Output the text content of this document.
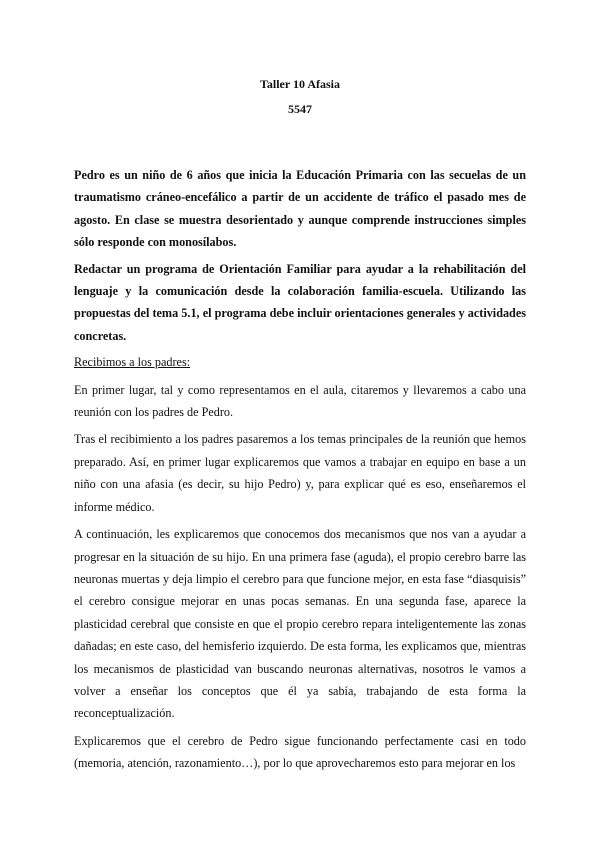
Taller 10 Afasia

5547

Pedro es un niño de 6 años que inicia la Educación Primaria con las secuelas de un traumatismo cráneo-encefálico a partir de un accidente de tráfico el pasado mes de agosto. En clase se muestra desorientado y aunque comprende instrucciones simples sólo responde con monosílabos.

Redactar un programa de Orientación Familiar para ayudar a la rehabilitación del lenguaje y la comunicación desde la colaboración familia-escuela. Utilizando las propuestas del tema 5.1, el programa debe incluir orientaciones generales y actividades concretas.

Recibimos a los padres:

En primer lugar, tal y como representamos en el aula, citaremos y llevaremos a cabo una reunión con los padres de Pedro.

Tras el recibimiento a los padres pasaremos a los temas principales de la reunión que hemos preparado. Así, en primer lugar explicaremos que vamos a trabajar en equipo en base a un niño con una afasia (es decir, su hijo Pedro) y, para explicar qué es eso, enseñaremos el informe médico.

A continuación, les explicaremos que conocemos dos mecanismos que nos van a ayudar a progresar en la situación de su hijo. En una primera fase (aguda), el propio cerebro barre las neuronas muertas y deja limpio el cerebro para que funcione mejor, en esta fase “diasquisis” el cerebro consigue mejorar en unas pocas semanas. En una segunda fase, aparece la plasticidad cerebral que consiste en que el propio cerebro repara inteligentemente las zonas dañadas; en este caso, del hemisferio izquierdo. De esta forma, les explicamos que, mientras los mecanismos de plasticidad van buscando neuronas alternativas, nosotros le vamos a volver a enseñar los conceptos que él ya sabía, trabajando de esta forma la reconceptualización.

Explicaremos que el cerebro de Pedro sigue funcionando perfectamente casi en todo (memoria, atención, razonamiento…), por lo que aprovecharemos esto para mejorar en los
